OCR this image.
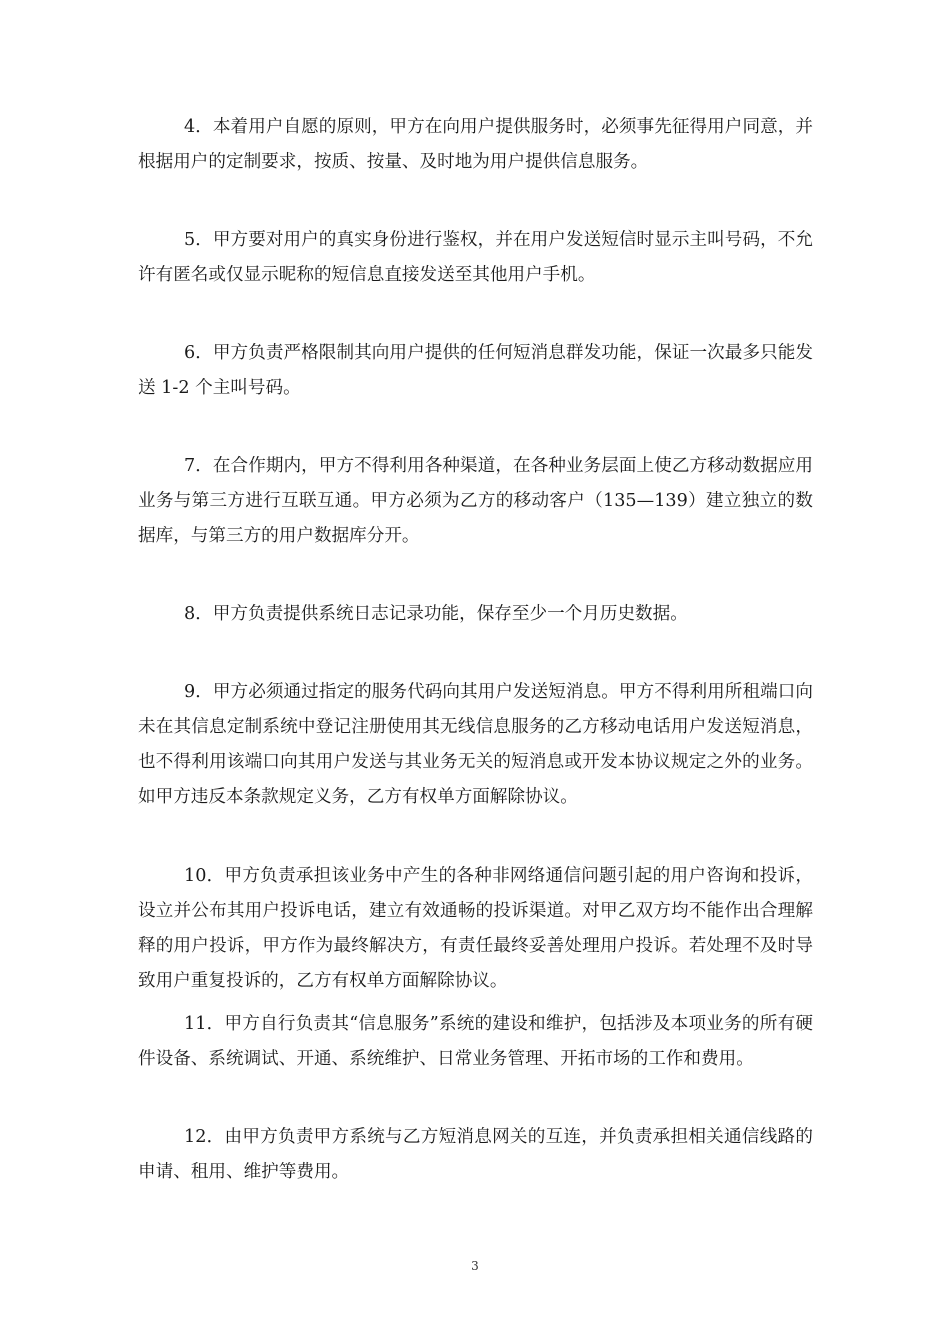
4．本着用户自愿的原则，甲方在向用户提供服务时，必须事先征得用户同意，并根据用户的定制要求，按质、按量、及时地为用户提供信息服务。

5．甲方要对用户的真实身份进行鉴权，并在用户发送短信时显示主叫号码，不允许有匿名或仅显示昵称的短信息直接发送至其他用户手机。

6．甲方负责严格限制其向用户提供的任何短消息群发功能，保证一次最多只能发送 1-2 个主叫号码。

7．在合作期内，甲方不得利用各种渠道，在各种业务层面上使乙方移动数据应用业务与第三方进行互联互通。甲方必须为乙方的移动客户（135—139）建立独立的数据库，与第三方的用户数据库分开。

8．甲方负责提供系统日志记录功能，保存至少一个月历史数据。

9．甲方必须通过指定的服务代码向其用户发送短消息。甲方不得利用所租端口向未在其信息定制系统中登记注册使用其无线信息服务的乙方移动电话用户发送短消息，也不得利用该端口向其用户发送与其业务无关的短消息或开发本协议规定之外的业务。如甲方违反本条款规定义务，乙方有权单方面解除协议。

10．甲方负责承担该业务中产生的各种非网络通信问题引起的用户咨询和投诉，设立并公布其用户投诉电话，建立有效通畅的投诉渠道。对甲乙双方均不能作出合理解释的用户投诉，甲方作为最终解决方，有责任最终妥善处理用户投诉。若处理不及时导致用户重复投诉的，乙方有权单方面解除协议。

11．甲方自行负责其“信息服务”系统的建设和维护，包括涉及本项业务的所有硬件设备、系统调试、开通、系统维护、日常业务管理、开拓市场的工作和费用。

12．由甲方负责甲方系统与乙方短消息网关的互连，并负责承担相关通信线路的申请、租用、维护等费用。

3
